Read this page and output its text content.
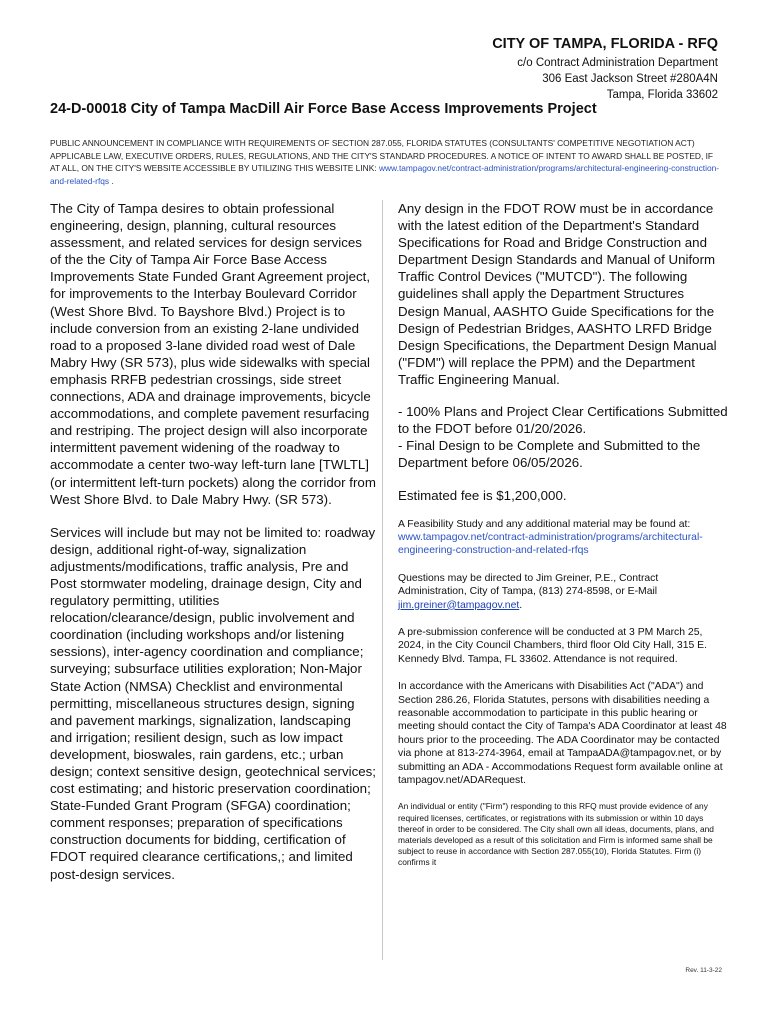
CITY OF TAMPA, FLORIDA - RFQ
c/o Contract Administration Department
306 East Jackson Street #280A4N
Tampa, Florida 33602
24-D-00018 City of Tampa MacDill Air Force Base Access Improvements Project
PUBLIC ANNOUNCEMENT IN COMPLIANCE WITH REQUIREMENTS OF SECTION 287.055, FLORIDA STATUTES (CONSULTANTS' COMPETITIVE NEGOTIATION ACT) APPLICABLE LAW, EXECUTIVE ORDERS, RULES, REGULATIONS, AND THE CITY'S STANDARD PROCEDURES. A NOTICE OF INTENT TO AWARD SHALL BE POSTED, IF AT ALL, ON THE CITY'S WEBSITE ACCESSIBLE BY UTILIZING THIS WEBSITE LINK: www.tampagov.net/contract-administration/programs/architectural-engineering-construction-and-related-rfqs .

The City of Tampa desires to obtain professional engineering, design, planning, cultural resources assessment, and related services for design services of the the City of Tampa Air Force Base Access Improvements State Funded Grant Agreement project, for improvements to the Interbay Boulevard Corridor (West Shore Blvd. To Bayshore Blvd.) Project is to include conversion from an existing 2-lane undivided road to a proposed 3-lane divided road west of Dale Mabry Hwy (SR 573), plus wide sidewalks with special emphasis RRFB pedestrian crossings, side street connections, ADA and drainage improvements, bicycle accommodations, and complete pavement resurfacing and restriping. The project design will also incorporate intermittent pavement widening of the roadway to accommodate a center two-way left-turn lane [TWLTL] (or intermittent left-turn pockets) along the corridor from West Shore Blvd. to Dale Mabry Hwy. (SR 573).

Services will include but may not be limited to: roadway design, additional right-of-way, signalization adjustments/modifications, traffic analysis, Pre and Post stormwater modeling, drainage design, City and regulatory permitting, utilities relocation/clearance/design, public involvement and coordination (including workshops and/or listening sessions), inter-agency coordination and compliance; surveying; subsurface utilities exploration; Non-Major State Action (NMSA) Checklist and environmental permitting, miscellaneous structures design, signing and pavement markings, signalization, landscaping and irrigation; resilient design, such as low impact development, bioswales, rain gardens, etc.; urban design; context sensitive design, geotechnical services; cost estimating; and historic preservation coordination; State-Funded Grant Program (SFGA) coordination; comment responses; preparation of specifications construction documents for bidding, certification of FDOT required clearance certifications,; and limited post-design services.

Any design in the FDOT ROW must be in accordance with the latest edition of the Department's Standard Specifications for Road and Bridge Construction and Department Design Standards and Manual of Uniform Traffic Control Devices ("MUTCD"). The following guidelines shall apply the Department Structures Design Manual, AASHTO Guide Specifications for the Design of Pedestrian Bridges, AASHTO LRFD Bridge Design Specifications, the Department Design Manual ("FDM") will replace the PPM) and the Department Traffic Engineering Manual.

- 100% Plans and Project Clear Certifications Submitted to the FDOT before 01/20/2026.
- Final Design to be Complete and Submitted to the Department before 06/05/2026.

Estimated fee is $1,200,000.

A Feasibility Study and any additional material may be found at: www.tampagov.net/contract-administration/programs/architectural-engineering-construction-and-related-rfqs

Questions may be directed to Jim Greiner, P.E., Contract Administration, City of Tampa, (813) 274-8598, or E-Mail jim.greiner@tampagov.net.

A pre-submission conference will be conducted at 3 PM March 25, 2024, in the City Council Chambers, third floor Old City Hall, 315 E. Kennedy Blvd. Tampa, FL 33602. Attendance is not required.

In accordance with the Americans with Disabilities Act ("ADA") and Section 286.26, Florida Statutes, persons with disabilities needing a reasonable accommodation to participate in this public hearing or meeting should contact the City of Tampa's ADA Coordinator at least 48 hours prior to the proceeding. The ADA Coordinator may be contacted via phone at 813-274-3964, email at TampaADA@tampagov.net, or by submitting an ADA - Accommodations Request form available online at tampagov.net/ADARequest.

An individual or entity ("Firm") responding to this RFQ must provide evidence of any required licenses, certificates, or registrations with its submission or within 10 days thereof in order to be considered. The City shall own all ideas, documents, plans, and materials developed as a result of this solicitation and Firm is informed same shall be subject to reuse in accordance with Section 287.055(10), Florida Statutes. Firm (i) confirms it

Rev. 11-3-22
